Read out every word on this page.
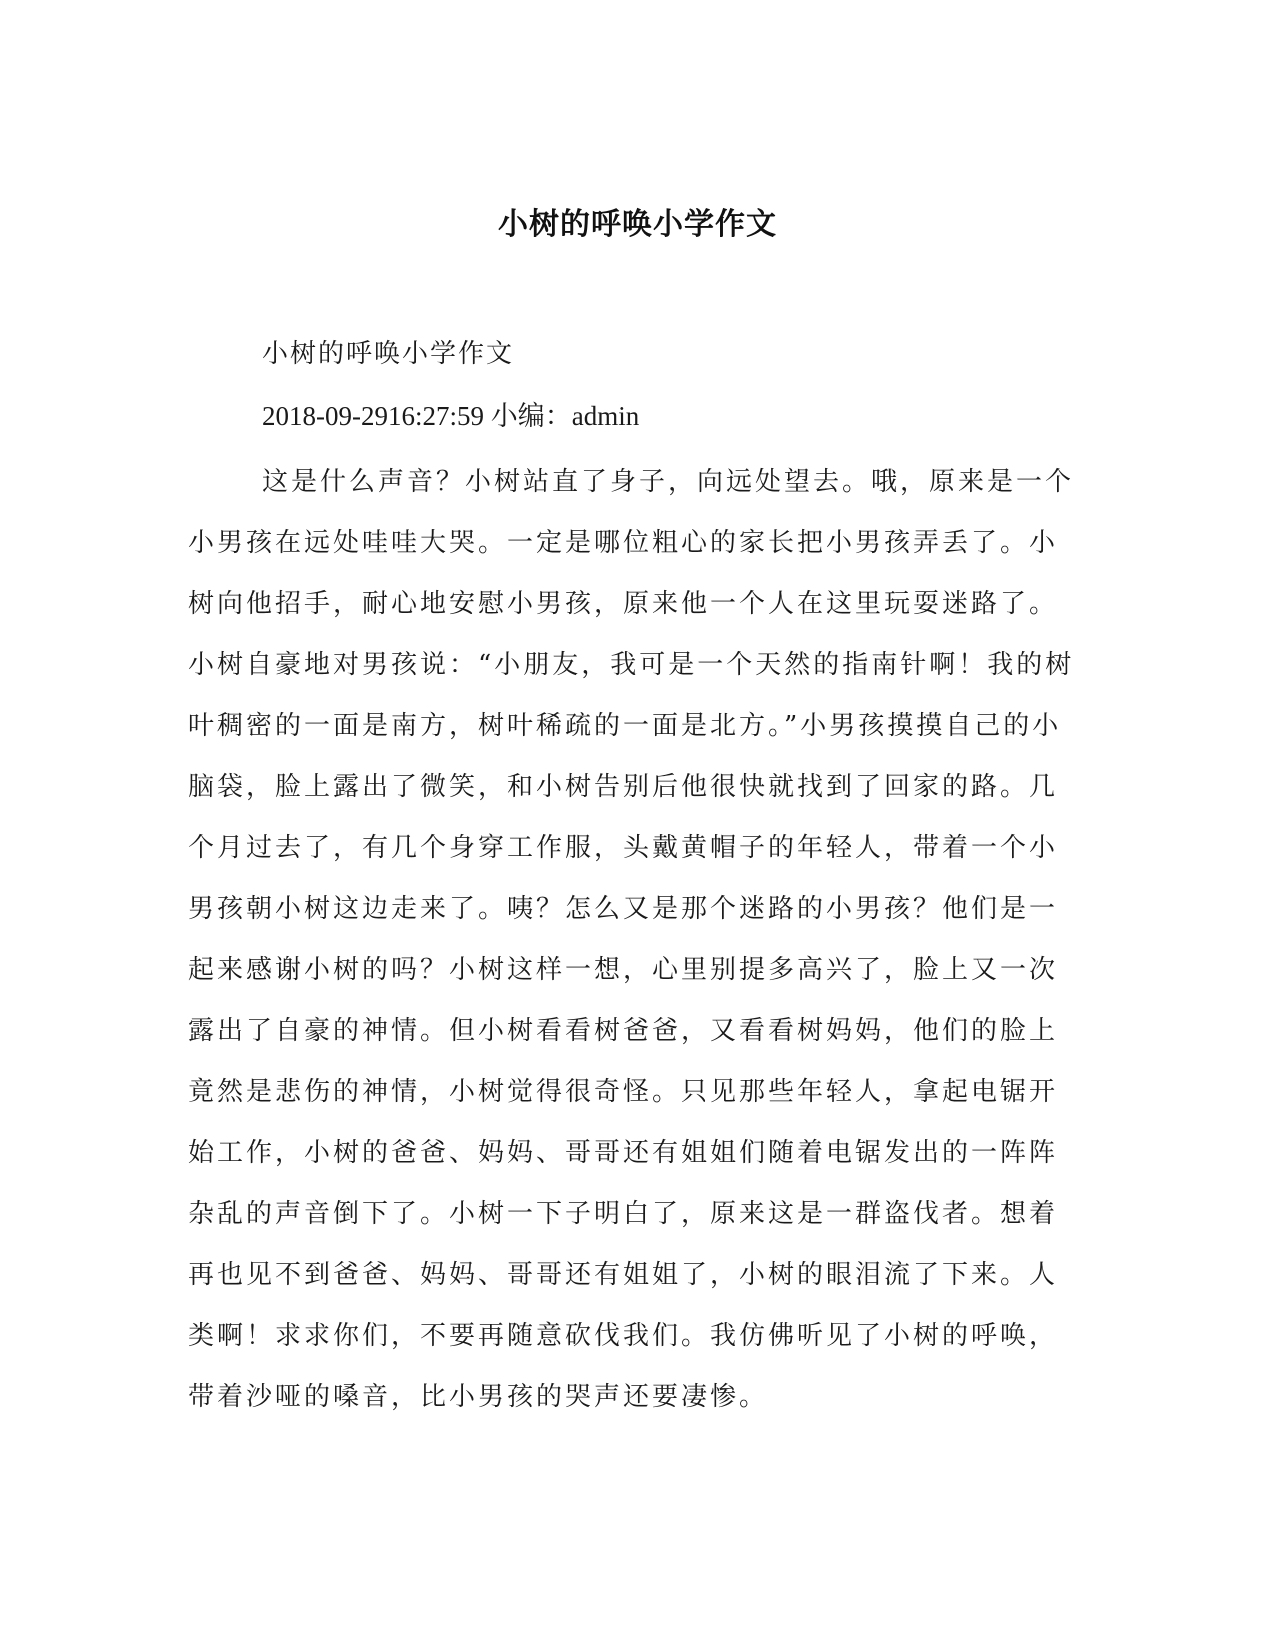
小树的呼唤小学作文
小树的呼唤小学作文
2018-09-2916:27:59 小编：admin
这是什么声音？小树站直了身子，向远处望去。哦，原来是一个
小男孩在远处哇哇大哭。一定是哪位粗心的家长把小男孩弄丢了。小
树向他招手，耐心地安慰小男孩，原来他一个人在这里玩耍迷路了。
小树自豪地对男孩说：“小朋友，我可是一个天然的指南针啊！我的树
叶稠密的一面是南方，树叶稀疏的一面是北方。”小男孩摸摸自己的小
脑袋，脸上露出了微笑，和小树告别后他很快就找到了回家的路。几
个月过去了，有几个身穿工作服，头戴黄帽子的年轻人，带着一个小
男孩朝小树这边走来了。咦？怎么又是那个迷路的小男孩？他们是一
起来感谢小树的吗？小树这样一想，心里别提多高兴了，脸上又一次
露出了自豪的神情。但小树看看树爸爸，又看看树妈妈，他们的脸上
竟然是悲伤的神情，小树觉得很奇怪。只见那些年轻人，拿起电锯开
始工作，小树的爸爸、妈妈、哥哥还有姐姐们随着电锯发出的一阵阵
杂乱的声音倒下了。小树一下子明白了，原来这是一群盗伐者。想着
再也见不到爸爸、妈妈、哥哥还有姐姐了，小树的眼泪流了下来。人
类啊！求求你们，不要再随意砍伐我们。我仿佛听见了小树的呼唤，
带着沙哑的嗓音，比小男孩的哭声还要凄惨。
